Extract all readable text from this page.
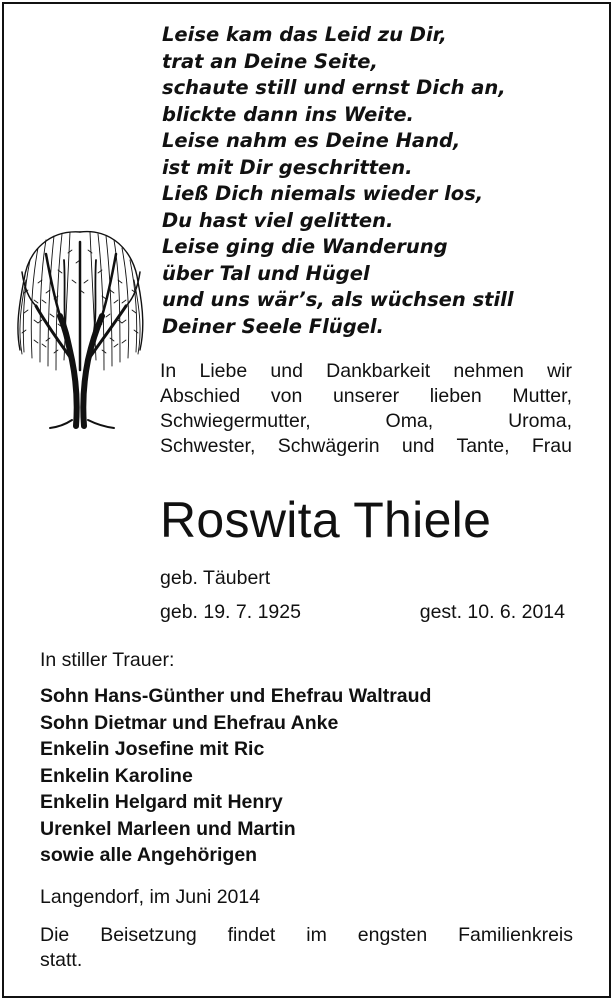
Leise kam das Leid zu Dir,
trat an Deine Seite,
schaute still und ernst Dich an,
blickte dann ins Weite.
Leise nahm es Deine Hand,
ist mit Dir geschritten.
Ließ Dich niemals wieder los,
Du hast viel gelitten.
Leise ging die Wanderung
über Tal und Hügel
und uns wär’s, als wüchsen still
Deiner Seele Flügel.
In Liebe und Dankbarkeit nehmen wir
Abschied von unserer lieben Mutter,
Schwiegermutter, Oma, Uroma,
Schwester, Schwägerin und Tante, Frau
Roswita Thiele
geb. Täubert
geb. 19. 7. 1925	gest. 10. 6. 2014
In stiller Trauer:
Sohn Hans-Günther und Ehefrau Waltraud
Sohn Dietmar und Ehefrau Anke
Enkelin Josefine mit Ric
Enkelin Karoline
Enkelin Helgard mit Henry
Urenkel Marleen und Martin
sowie alle Angehörigen
Langendorf, im Juni 2014
Die Beisetzung findet im engsten Familienkreis
statt.
